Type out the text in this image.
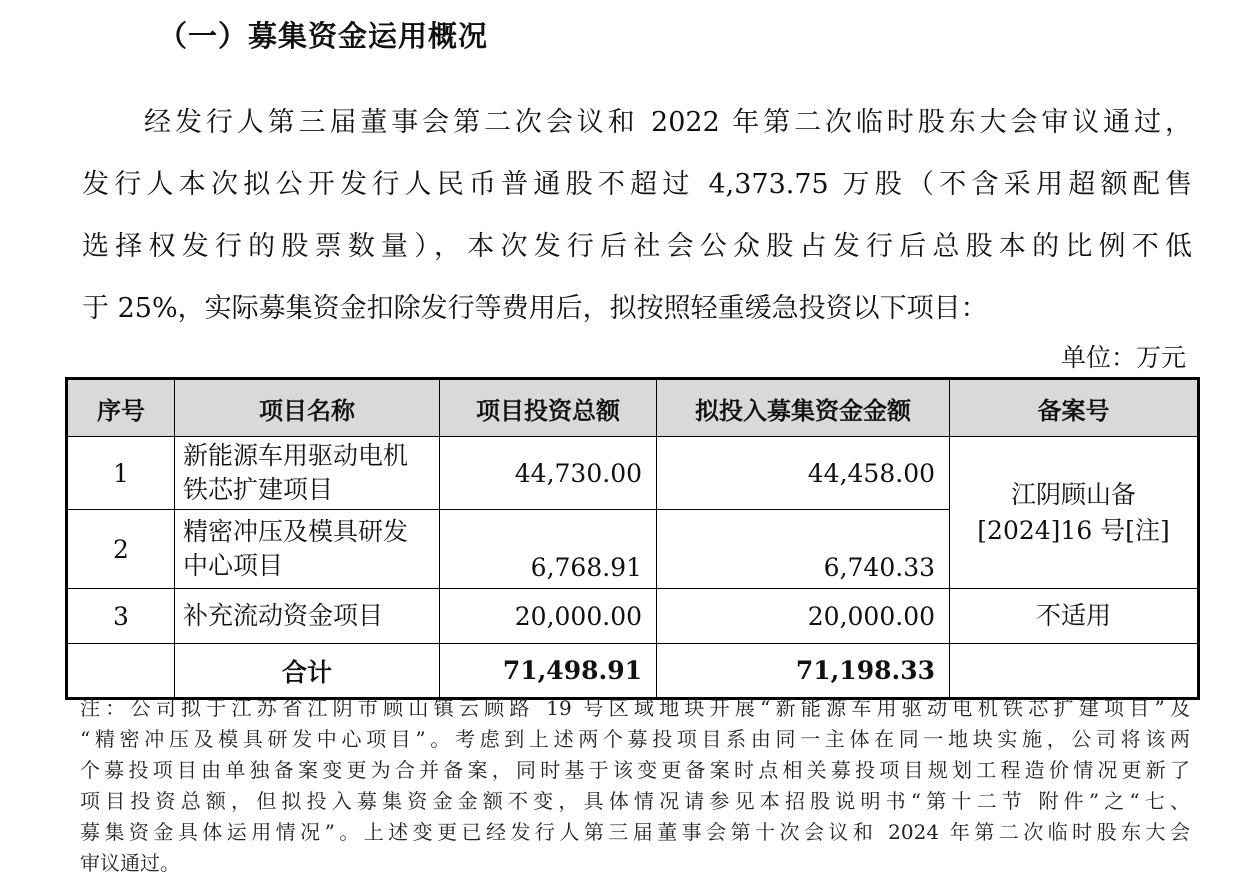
（一）募集资金运用概况
经发行人第三届董事会第二次会议和 2022 年第二次临时股东大会审议通过，
发行人本次拟公开发行人民币普通股不超过 4,373.75 万股（不含采用超额配售
选择权发行的股票数量），本次发行后社会公众股占发行后总股本的比例不低
于 25%，实际募集资金扣除发行等费用后，拟按照轻重缓急投资以下项目：
单位：万元
序号	项目名称	项目投资总额	拟投入募集资金金额	备案号
1	新能源车用驱动电机铁芯扩建项目	44,730.00	44,458.00	江阴顾山备
[2024]16 号[注]

2	精密冲压及模具研发中心项目	6,768.91	6,740.33	
3	补充流动资金项目	20,000.00	20,000.00	不适用
	合计	71,498.91	71,198.33	
注：公司拟于江苏省江阴市顾山镇云顾路 19 号区域地块开展“新能源车用驱动电机铁芯扩建项目”及
“精密冲压及模具研发中心项目”。考虑到上述两个募投项目系由同一主体在同一地块实施，公司将该两
个募投项目由单独备案变更为合并备案，同时基于该变更备案时点相关募投项目规划工程造价情况更新了
项目投资总额，但拟投入募集资金金额不变，具体情况请参见本招股说明书“第十二节 附件”之“七、
募集资金具体运用情况”。上述变更已经发行人第三届董事会第十次会议和 2024 年第二次临时股东大会
审议通过。
